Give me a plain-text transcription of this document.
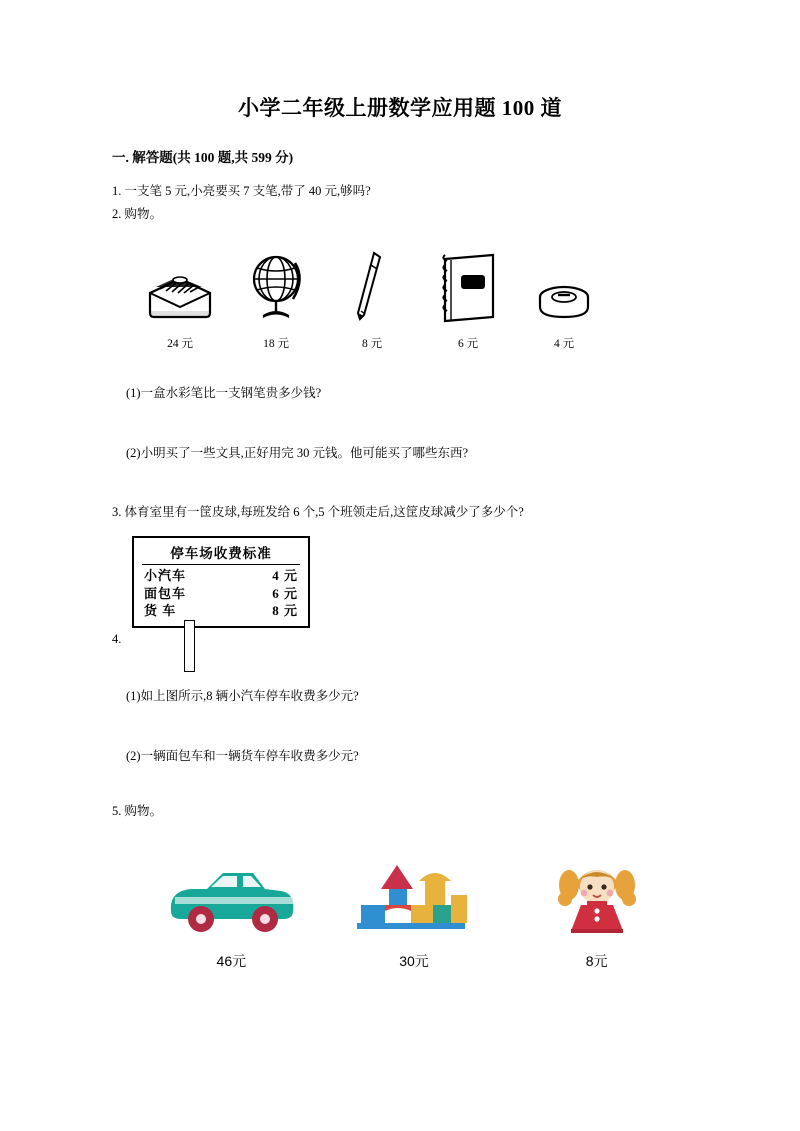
小学二年级上册数学应用题 100 道
一. 解答题(共 100 题,共 599 分)
1. 一支笔 5 元,小亮要买 7 支笔,带了 40 元,够吗?
2. 购物。
24 元	18 元	8 元	6 元	4 元
(1)一盒水彩笔比一支钢笔贵多少钱?
(2)小明买了一些文具,正好用完 30 元钱。他可能买了哪些东西?
3. 体育室里有一筐皮球,每班发给 6 个,5 个班领走后,这筐皮球减少了多少个?
停车场收费标准
小汽车	4 元
面包车	6 元
货 车	8 元
4.
(1)如上图所示,8 辆小汽车停车收费多少元?
(2)一辆面包车和一辆货车停车收费多少元?
5. 购物。
46元	30元	8元
